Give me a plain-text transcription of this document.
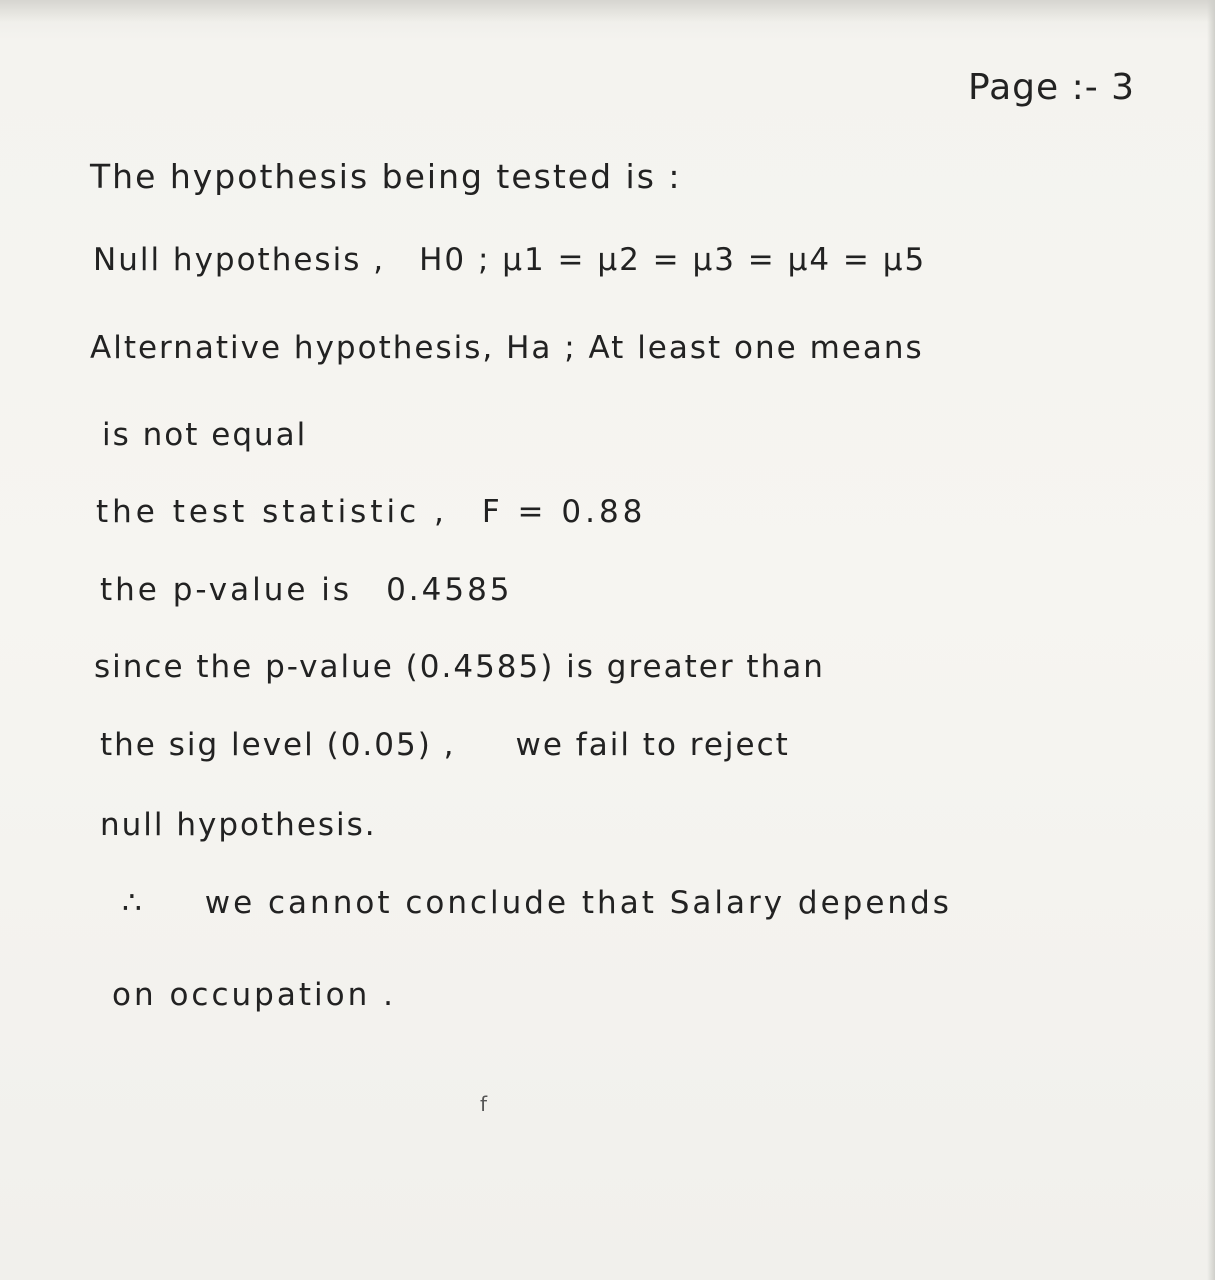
Page :- 3
The hypothesis being tested is :
Null hypothesis , H0 ; μ1 = μ2 = μ3 = μ4 = μ5
Alternative hypothesis, Ha ; At least one means
is not equal
the test statistic , F = 0.88
the p-value is 0.4585
since the p-value (0.4585) is greater than
the sig level (0.05) , we fail to reject
null hypothesis.
∴ we cannot conclude that Salary depends
on occupation .
f
